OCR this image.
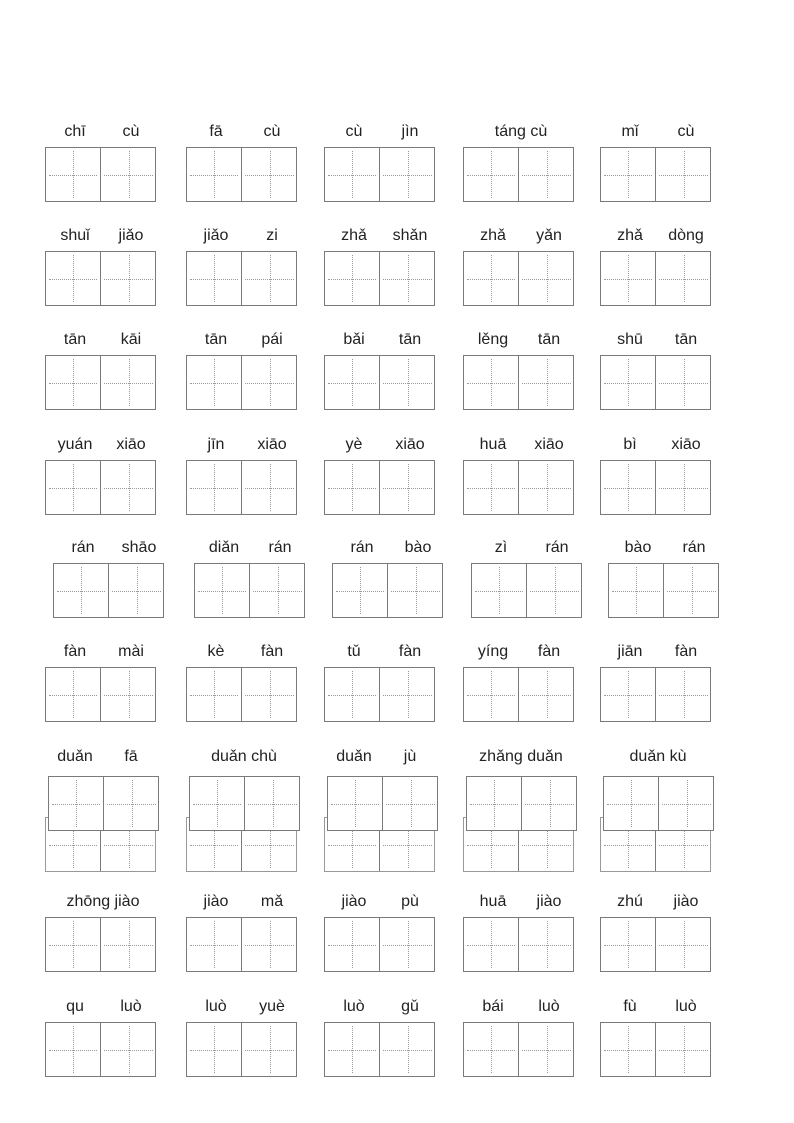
chī	cù	fā	cù	cù	jìn	táng cù	mǐ	cù
shuǐ	jiǎo	jiǎo	zi	zhǎ	shǎn	zhǎ	yǎn	zhǎ	dòng
tān	kāi	tān	pái	bǎi	tān	lěng	tān	shū	tān
yuán	xiāo	jīn	xiāo	yè	xiāo	huā	xiāo	bì	xiāo
rán	shāo	diǎn	rán	rán	bào	zì	rán	bào	rán
fàn	mài	kè	fàn	tǔ	fàn	yíng	fàn	jiān	fàn
duǎn	fā	duǎn chù	duǎn	jù	zhǎng duǎn	duǎn kù
zhōng jiào	jiào	mǎ	jiào	pù	huā	jiào	zhú	jiào
qu	luò	luò	yuè	luò	gǔ	bái	luò	fù	luò
